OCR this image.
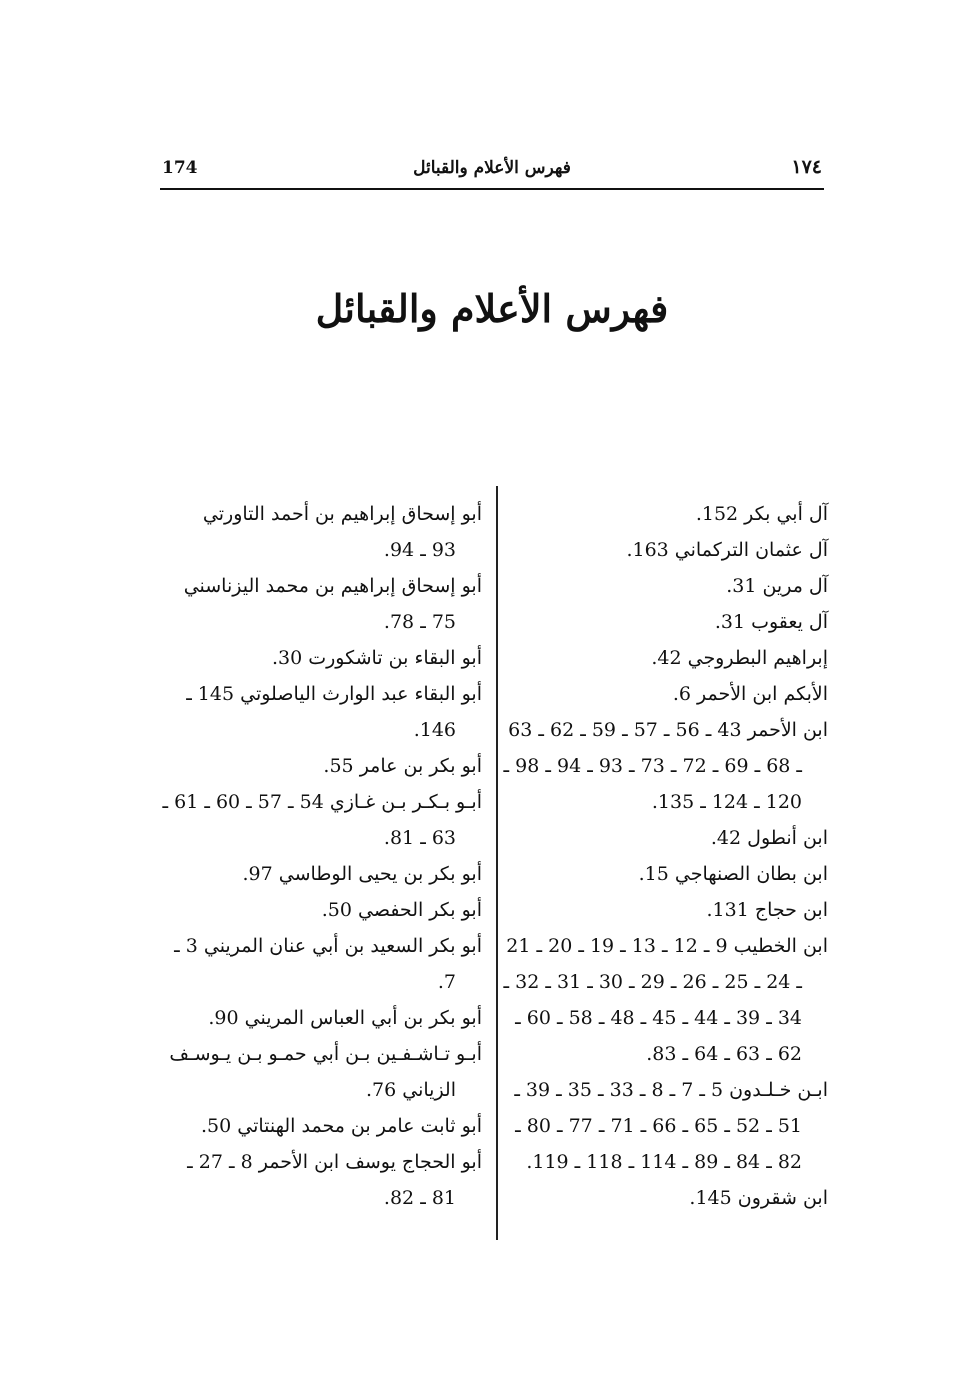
174	فهرس الأعلام والقبائل	١٧٤
فهرس الأعلام والقبائل
آل أبي بكر 152.
آل عثمان التركماني 163.
آل مرين 31.
آل يعقوب 31.
إبراهيم البطروجي 42.
الأبكم ابن الأحمر 6.
ابن الأحمر 43 ـ 56 ـ 57 ـ 59 ـ 62 ـ 63
ـ 68 ـ 69 ـ 72 ـ 73 ـ 93 ـ 94 ـ 98 ـ
120 ـ 124 ـ 135.
ابن أنطول 42.
ابن بطان الصنهاجي 15.
ابن حجاج 131.
ابن الخطيب 9 ـ 12 ـ 13 ـ 19 ـ 20 ـ 21
ـ 24 ـ 25 ـ 26 ـ 29 ـ 30 ـ 31 ـ 32 ـ
34 ـ 39 ـ 44 ـ 45 ـ 48 ـ 58 ـ 60 ـ
62 ـ 63 ـ 64 ـ 83.
ابـن خـلـدون 5 ـ 7 ـ 8 ـ 33 ـ 35 ـ 39 ـ
51 ـ 52 ـ 65 ـ 66 ـ 71 ـ 77 ـ 80 ـ
82 ـ 84 ـ 89 ـ 114 ـ 118 ـ 119.
ابن شقرون 145.
أبو إسحاق إبراهيم بن أحمد التاورتي
93 ـ 94.
أبو إسحاق إبراهيم بن محمد اليزناسني
75 ـ 78.
أبو البقاء بن تاشكورت 30.
أبو البقاء عبد الوارث الياصلوتي 145 ـ
146.
أبو بكر بن عامر 55.
أبـو بـكـر بـن غـازي 54 ـ 57 ـ 60 ـ 61 ـ
63 ـ 81.
أبو بكر بن يحيى الوطاسي 97.
أبو بكر الحفصي 50.
أبو بكر السعيد بن أبي عنان المريني 3 ـ
7.
أبو بكر بن أبي العباس المريني 90.
أبـو تـاشـفـين بـن أبي حمـو بـن يـوسـف
الزياني 76.
أبو ثابت عامر بن محمد الهنتاتي 50.
أبو الحجاج يوسف ابن الأحمر 8 ـ 27 ـ
81 ـ 82.
